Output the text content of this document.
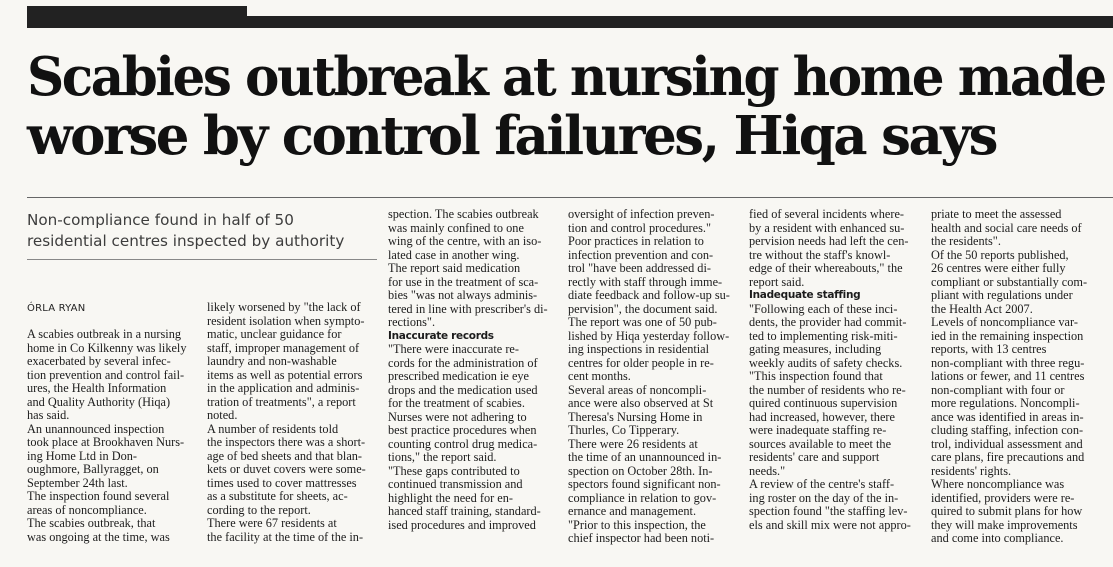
Scabies outbreak at nursing home made
worse by control failures, Hiqa says
Non-compliance found in half of 50
residential centres inspected by authority
ÓRLA RYAN
A scabies outbreak in a nursing
home in Co Kilkenny was likely
exacerbated by several infec-
tion prevention and control fail-
ures, the Health Information
and Quality Authority (Hiqa)
has said.
An unannounced inspection
took place at Brookhaven Nurs-
ing Home Ltd in Don-
oughmore, Ballyragget, on
September 24th last.
The inspection found several
areas of noncompliance.
The scabies outbreak, that
was ongoing at the time, was
likely worsened by "the lack of
resident isolation when sympto-
matic, unclear guidance for
staff, improper management of
laundry and non-washable
items as well as potential errors
in the application and adminis-
tration of treatments", a report
noted.
A number of residents told
the inspectors there was a short-
age of bed sheets and that blan-
kets or duvet covers were some-
times used to cover mattresses
as a substitute for sheets, ac-
cording to the report.
There were 67 residents at
the facility at the time of the in-
spection. The scabies outbreak
was mainly confined to one
wing of the centre, with an iso-
lated case in another wing.
The report said medication
for use in the treatment of sca-
bies "was not always adminis-
tered in line with prescriber's di-
rections".
Inaccurate records
"There were inaccurate re-
cords for the administration of
prescribed medication ie eye
drops and the medication used
for the treatment of scabies.
Nurses were not adhering to
best practice procedures when
counting control drug medica-
tions," the report said.
"These gaps contributed to
continued transmission and
highlight the need for en-
hanced staff training, standard-
ised procedures and improved
oversight of infection preven-
tion and control procedures."
Poor practices in relation to
infection prevention and con-
trol "have been addressed di-
rectly with staff through imme-
diate feedback and follow-up su-
pervision", the document said.
The report was one of 50 pub-
lished by Hiqa yesterday follow-
ing inspections in residential
centres for older people in re-
cent months.
Several areas of noncompli-
ance were also observed at St
Theresa's Nursing Home in
Thurles, Co Tipperary.
There were 26 residents at
the time of an unannounced in-
spection on October 28th. In-
spectors found significant non-
compliance in relation to gov-
ernance and management.
"Prior to this inspection, the
chief inspector had been noti-
fied of several incidents where-
by a resident with enhanced su-
pervision needs had left the cen-
tre without the staff's knowl-
edge of their whereabouts," the
report said.
Inadequate staffing
"Following each of these inci-
dents, the provider had commit-
ted to implementing risk-miti-
gating measures, including
weekly audits of safety checks.
"This inspection found that
the number of residents who re-
quired continuous supervision
had increased, however, there
were inadequate staffing re-
sources available to meet the
residents' care and support
needs."
A review of the centre's staff-
ing roster on the day of the in-
spection found "the staffing lev-
els and skill mix were not appro-
priate to meet the assessed
health and social care needs of
the residents".
Of the 50 reports published,
26 centres were either fully
compliant or substantially com-
pliant with regulations under
the Health Act 2007.
Levels of noncompliance var-
ied in the remaining inspection
reports, with 13 centres
non-compliant with three regu-
lations or fewer, and 11 centres
non-compliant with four or
more regulations. Noncompli-
ance was identified in areas in-
cluding staffing, infection con-
trol, individual assessment and
care plans, fire precautions and
residents' rights.
Where noncompliance was
identified, providers were re-
quired to submit plans for how
they will make improvements
and come into compliance.
